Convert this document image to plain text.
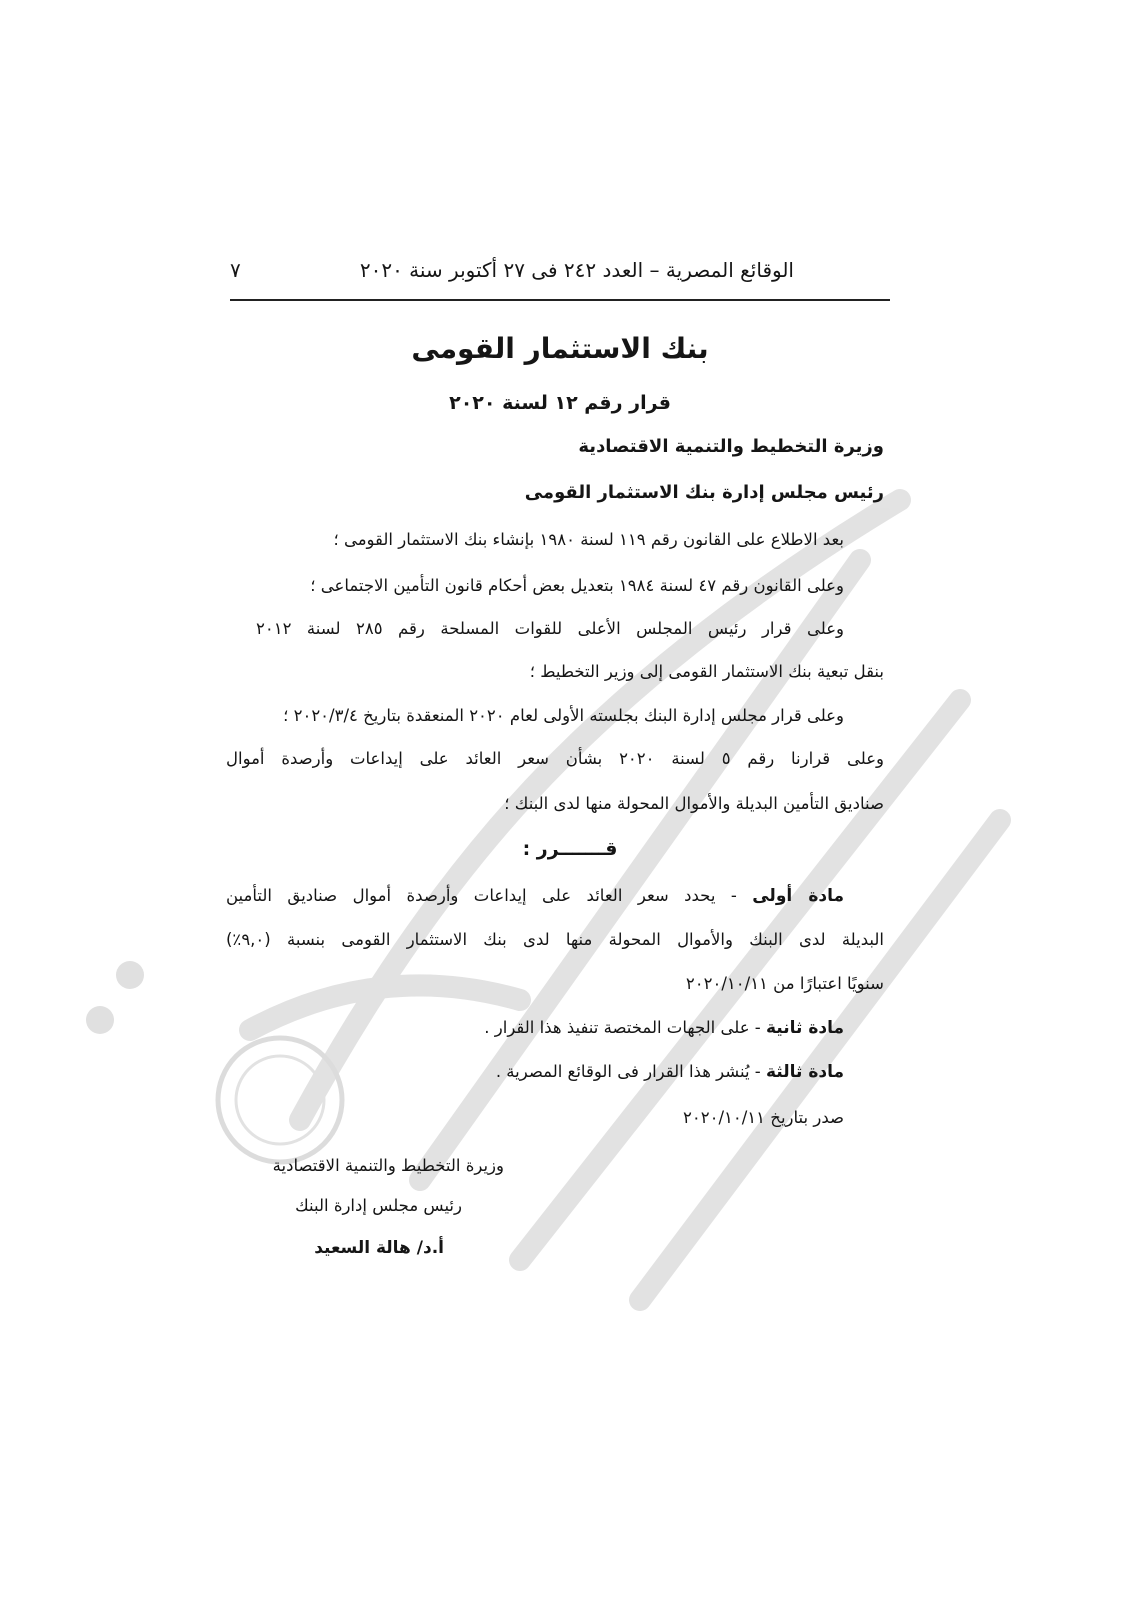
الوقائع المصرية – العدد ٢٤٢ فى ٢٧ أكتوبر سنة ٢٠٢٠
٧
بنك الاستثمار القومى
قرار رقم ١٢ لسنة ٢٠٢٠
وزيرة التخطيط والتنمية الاقتصادية
رئيس مجلس إدارة بنك الاستثمار القومى
بعد الاطلاع على القانون رقم ١١٩ لسنة ١٩٨٠ بإنشاء بنك الاستثمار القومى ؛
وعلى القانون رقم ٤٧ لسنة ١٩٨٤ بتعديل بعض أحكام قانون التأمين الاجتماعى ؛
وعلى قرار رئيس المجلس الأعلى للقوات المسلحة رقم ٢٨٥ لسنة ٢٠١٢
بنقل تبعية بنك الاستثمار القومى إلى وزير التخطيط ؛
وعلى قرار مجلس إدارة البنك بجلسته الأولى لعام ٢٠٢٠ المنعقدة بتاريخ ٢٠٢٠/٣/٤ ؛
وعلى قرارنا رقم ٥ لسنة ٢٠٢٠ بشأن سعر العائد على إيداعات وأرصدة أموال
صناديق التأمين البديلة والأموال المحولة منها لدى البنك ؛
قـــــــرر :
مادة أولى - يحدد سعر العائد على إيداعات وأرصدة أموال صناديق التأمين
البديلة لدى البنك والأموال المحولة منها لدى بنك الاستثمار القومى بنسبة (٩,٠٪)
سنويًا اعتبارًا من ٢٠٢٠/١٠/١١
مادة ثانية - على الجهات المختصة تنفيذ هذا القرار .
مادة ثالثة - يُنشر هذا القرار فى الوقائع المصرية .
صدر بتاريخ ٢٠٢٠/١٠/١١
وزيرة التخطيط والتنمية الاقتصادية
رئيس مجلس إدارة البنك
أ.د/ هالة السعيد
